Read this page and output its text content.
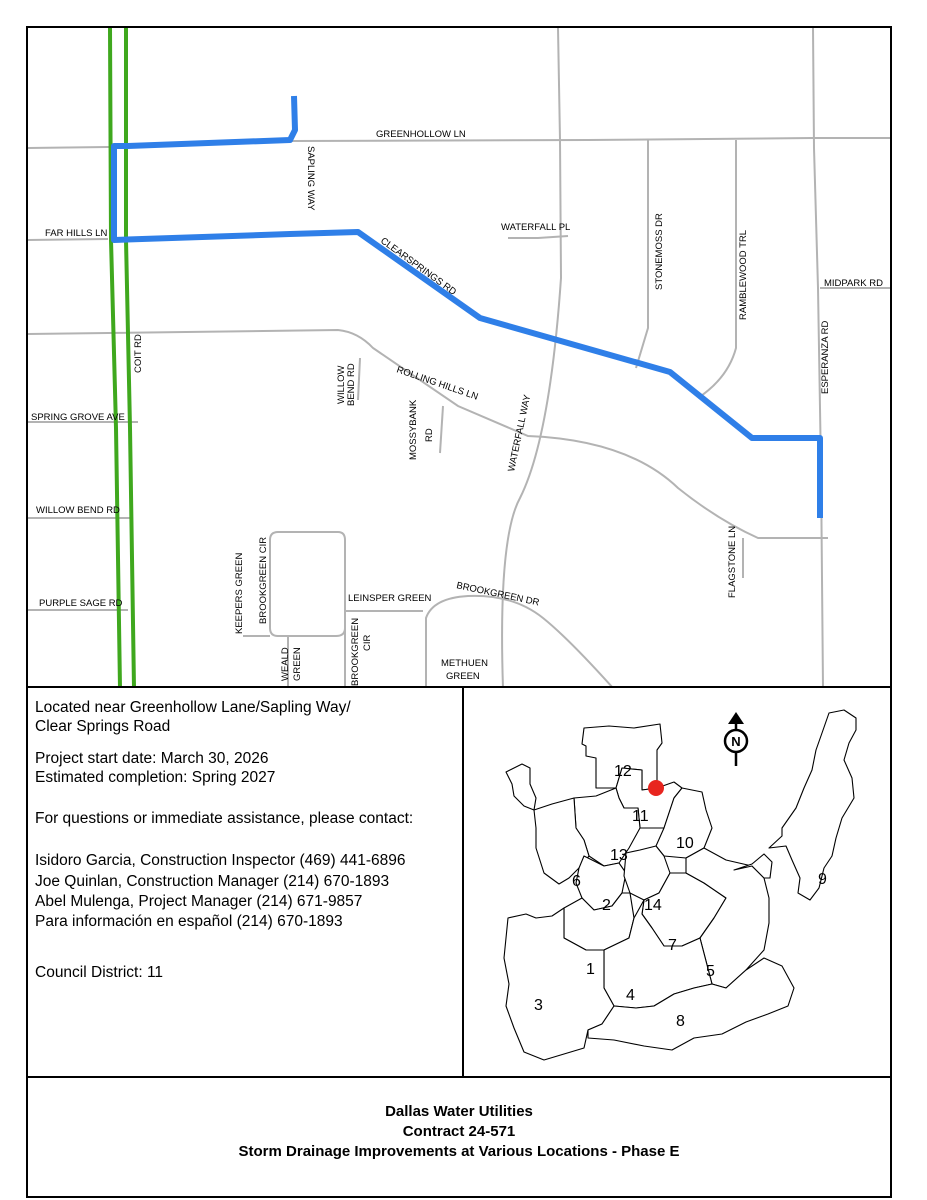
GREENHOLLOW LN
SAPLING WAY
FAR HILLS LN
WATERFALL PL	STONEMOSS DR	RAMBLEWOOD TRL	MIDPARK RD
CLEARSPRINGS RD
COIT RD	ESPERANZA RD
WILLOW BEND RD	ROLLING HILLS LN
MOSSYBANK RD	WATERFALL WAY
SPRING GROVE AVE
WILLOW BEND RD
KEEPERS GREEN BROOKGREEN CIR	FLAGSTONE LN
PURPLE SAGE RD	LEINSPER GREEN	BROOKGREEN DR
WEALD GREEN	BROOKGREEN CIR
METHUEN
GREEN
Located near Greenhollow Lane/Sapling Way/
Clear Springs Road
Project start date: March 30, 2026
Estimated completion: Spring 2027
For questions or immediate assistance, please contact:
Isidoro Garcia, Construction Inspector (469) 441-6896
Joe Quinlan, Construction Manager (214) 670-1893
Abel Mulenga, Project Manager (214) 671-9857
Para información en español (214) 670-1893
Council District: 11
12
11
10
13
6	9
2 14
7
5
1
4
3
8
N
Dallas Water Utilities
Contract 24-571
Storm Drainage Improvements at Various Locations - Phase E
